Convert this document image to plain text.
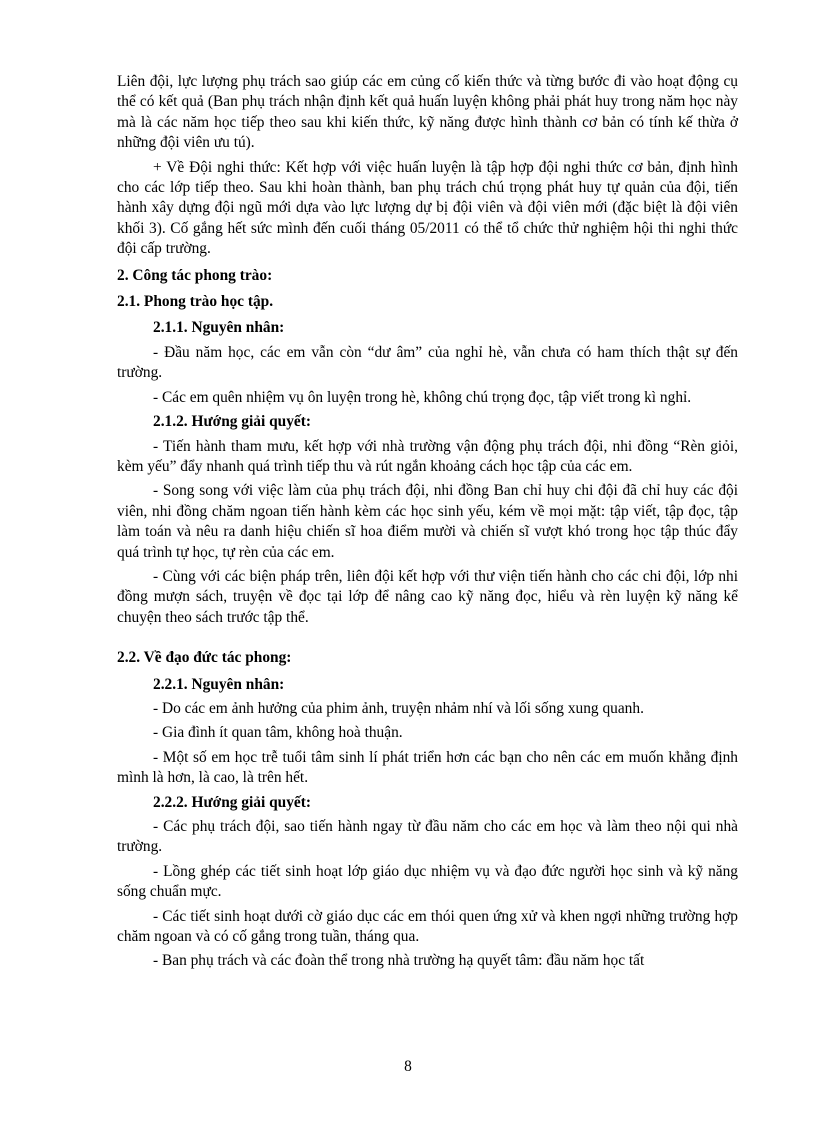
Liên đội, lực lượng phụ trách sao giúp các em củng cố kiến thức và từng bước đi vào hoạt động cụ thể có kết quả (Ban phụ trách nhận định kết quả huấn luyện không phải phát huy trong năm học này mà là các năm học tiếp theo sau khi kiến thức, kỹ năng được hình thành cơ bản có tính kế thừa ở những đội viên ưu tú).

+ Về Đội nghi thức: Kết hợp với việc huấn luyện là tập hợp đội nghi thức cơ bản, định hình cho các lớp tiếp theo. Sau khi hoàn thành, ban phụ trách chú trọng phát huy tự quản của đội, tiến hành xây dựng đội ngũ mới dựa vào lực lượng dự bị đội viên và đội viên mới (đặc biệt là đội viên khối 3). Cố gắng hết sức mình đến cuối tháng 05/2011 có thể tổ chức thử nghiệm hội thi nghi thức đội cấp trường.

2. Công tác phong trào:

2.1. Phong trào học tập.

2.1.1. Nguyên nhân:

- Đầu năm học, các em vẫn còn “dư âm” của nghỉ hè, vẫn chưa có ham thích thật sự đến trường.

- Các em quên nhiệm vụ ôn luyện trong hè, không chú trọng đọc, tập viết trong kì nghỉ.

2.1.2. Hướng giải quyết:

- Tiến hành tham mưu, kết hợp với nhà trường vận động phụ trách đội, nhi đồng “Rèn giỏi, kèm yếu” đẩy nhanh quá trình tiếp thu và rút ngắn khoảng cách học tập của các em.

- Song song với việc làm của phụ trách đội, nhi đồng Ban chỉ huy chi đội đã chỉ huy các đội viên, nhi đồng chăm ngoan tiến hành kèm các học sinh yếu, kém về mọi mặt: tập viết, tập đọc, tập làm toán và nêu ra danh hiệu chiến sĩ hoa điểm mười và chiến sĩ vượt khó trong học tập thúc đẩy quá trình tự học, tự rèn của các em.

- Cùng với các biện pháp trên, liên đội kết hợp với thư viện tiến hành cho các chi đội, lớp nhi đồng mượn sách, truyện về đọc tại lớp để nâng cao kỹ năng đọc, hiểu và rèn luyện kỹ năng kể chuyện theo sách trước tập thể.

2.2. Về đạo đức tác phong:

2.2.1. Nguyên nhân:

- Do các em ảnh hưởng của phim ảnh, truyện nhảm nhí và lối sống xung quanh.

- Gia đình ít quan tâm, không hoà thuận.

- Một số em học trễ tuổi tâm sinh lí phát triển hơn các bạn cho nên các em muốn khẳng định mình là hơn, là cao, là trên hết.

2.2.2. Hướng giải quyết:

- Các phụ trách đội, sao tiến hành ngay từ đầu năm cho các em học và làm theo nội qui nhà trường.

- Lồng ghép các tiết sinh hoạt lớp giáo dục nhiệm vụ và đạo đức người học sinh và kỹ năng sống chuẩn mực.

- Các tiết sinh hoạt dưới cờ giáo dục các em thói quen ứng xử và khen ngợi những trường hợp chăm ngoan và có cố gắng trong tuần, tháng qua.

- Ban phụ trách và các đoàn thể trong nhà trường hạ quyết tâm: đầu năm học tất

8
